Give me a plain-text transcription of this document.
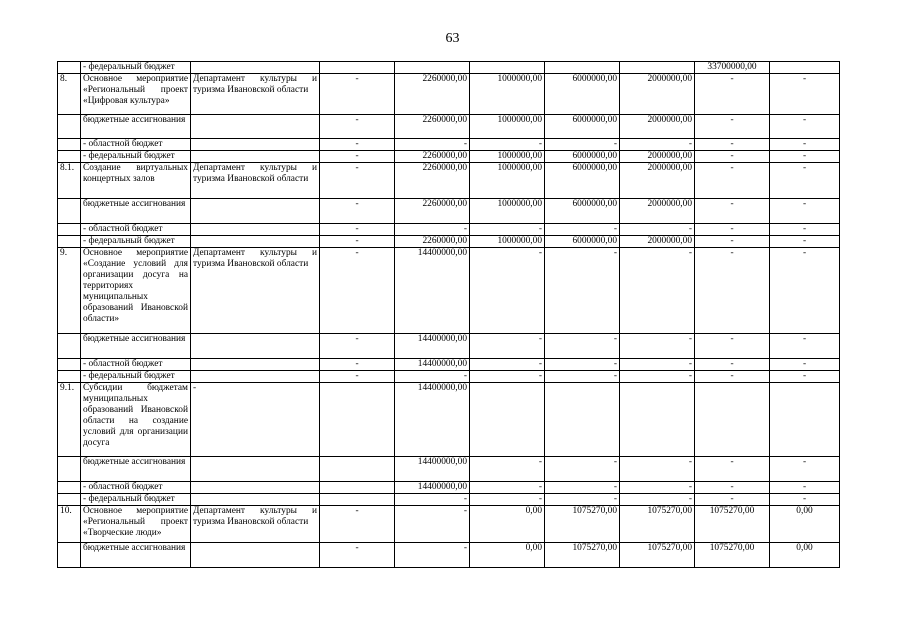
63
	- федеральный бюджет							33700000,00	
8.	Основное мероприятие «Региональный проект «Цифровая культура»	Департамент культуры и туризма Ивановской области	-	2260000,00	1000000,00	6000000,00	2000000,00	-	-
	бюджетные ассигнования		-	2260000,00	1000000,00	6000000,00	2000000,00	-	-
	- областной бюджет		-	-	-	-	-	-	-
	- федеральный бюджет		-	2260000,00	1000000,00	6000000,00	2000000,00	-	-
8.1.	Создание виртуальных концертных залов	Департамент культуры и туризма Ивановской области	-	2260000,00	1000000,00	6000000,00	2000000,00	-	-
	бюджетные ассигнования		-	2260000,00	1000000,00	6000000,00	2000000,00	-	-
	- областной бюджет		-	-	-	-	-	-	-
	- федеральный бюджет		-	2260000,00	1000000,00	6000000,00	2000000,00	-	-
9.	Основное мероприятие «Создание условий для организации досуга на территориях муниципальных образований Ивановской области»	Департамент культуры и туризма Ивановской области	-	14400000,00	-	-	-	-	-
	бюджетные ассигнования		-	14400000,00	-	-	-	-	-
	- областной бюджет		-	14400000,00	-	-	-	-	-
	- федеральный бюджет		-	-	-	-	-	-	-
9.1.	Субсидии бюджетам муниципальных образований Ивановской области на создание условий для организации досуга	-		14400000,00					
	бюджетные ассигнования			14400000,00	-	-	-	-	-
	- областной бюджет			14400000,00	-	-	-	-	-
	- федеральный бюджет			-	-	-	-	-	-
10.	Основное мероприятие «Региональный проект «Творческие люди»	Департамент культуры и туризма Ивановской области	-	-	0,00	1075270,00	1075270,00	1075270,00	0,00
	бюджетные ассигнования		-	-	0,00	1075270,00	1075270,00	1075270,00	0,00
